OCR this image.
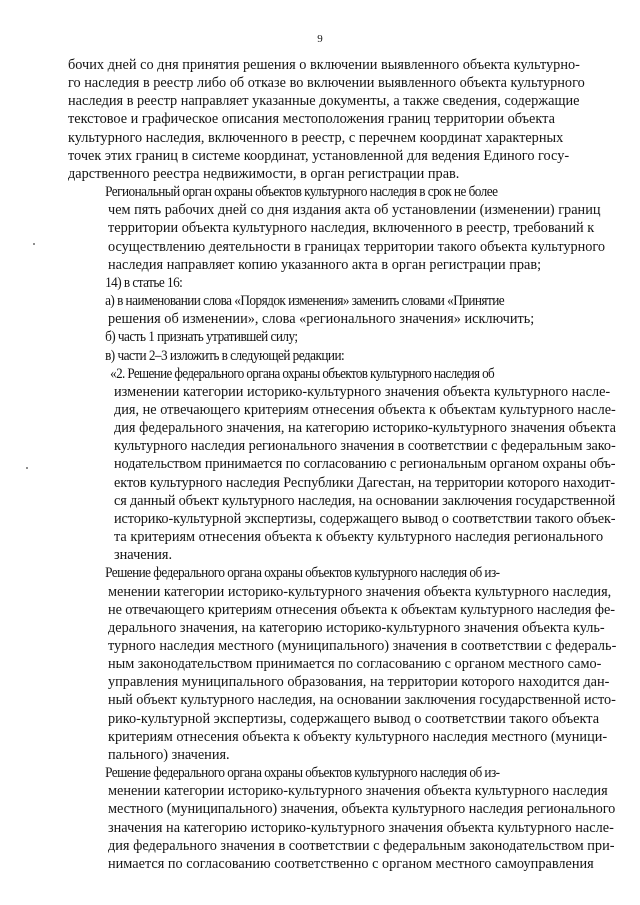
9

бочих дней со дня принятия решения о включении выявленного объекта культурно-
го наследия в реестр либо об отказе во включении выявленного объекта культурного
наследия в реестр направляет указанные документы, а также сведения, содержащие
текстовое и графическое описания местоположения границ территории объекта
культурного наследия, включенного в реестр, с перечнем координат характерных
точек этих границ в системе координат, установленной для ведения Единого госу-
дарственного реестра недвижимости, в орган регистрации прав.

Региональный орган охраны объектов культурного наследия в срок не более
чем пять рабочих дней со дня издания акта об установлении (изменении) границ
территории объекта культурного наследия, включенного в реестр, требований к
осуществлению деятельности в границах территории такого объекта культурного
наследия направляет копию указанного акта в орган регистрации прав;

14) в статье 16:

а) в наименовании слова «Порядок изменения» заменить словами «Принятие
решения об изменении», слова «регионального значения» исключить;

б) часть 1 признать утратившей силу;

в) части 2–3 изложить в следующей редакции:

«2. Решение федерального органа охраны объектов культурного наследия об
изменении категории историко-культурного значения объекта культурного насле-
дия, не отвечающего критериям отнесения объекта к объектам культурного насле-
дия федерального значения, на категорию историко-культурного значения объекта
культурного наследия регионального значения в соответствии с федеральным зако-
нодательством принимается по согласованию с региональным органом охраны объ-
ектов культурного наследия Республики Дагестан, на территории которого находит-
ся данный объект культурного наследия, на основании заключения государственной
историко-культурной экспертизы, содержащего вывод о соответствии такого объек-
та критериям отнесения объекта к объекту культурного наследия регионального
значения.

Решение федерального органа охраны объектов культурного наследия об из-
менении категории историко-культурного значения объекта культурного наследия,
не отвечающего критериям отнесения объекта к объектам культурного наследия фе-
дерального значения, на категорию историко-культурного значения объекта куль-
турного наследия местного (муниципального) значения в соответствии с федераль-
ным законодательством принимается по согласованию с органом местного само-
управления муниципального образования, на территории которого находится дан-
ный объект культурного наследия, на основании заключения государственной исто-
рико-культурной экспертизы, содержащего вывод о соответствии такого объекта
критериям отнесения объекта к объекту культурного наследия местного (муници-
пального) значения.

Решение федерального органа охраны объектов культурного наследия об из-
менении категории историко-культурного значения объекта культурного наследия
местного (муниципального) значения, объекта культурного наследия регионального
значения на категорию историко-культурного значения объекта культурного насле-
дия федерального значения в соответствии с федеральным законодательством при-
нимается по согласованию соответственно с органом местного самоуправления
